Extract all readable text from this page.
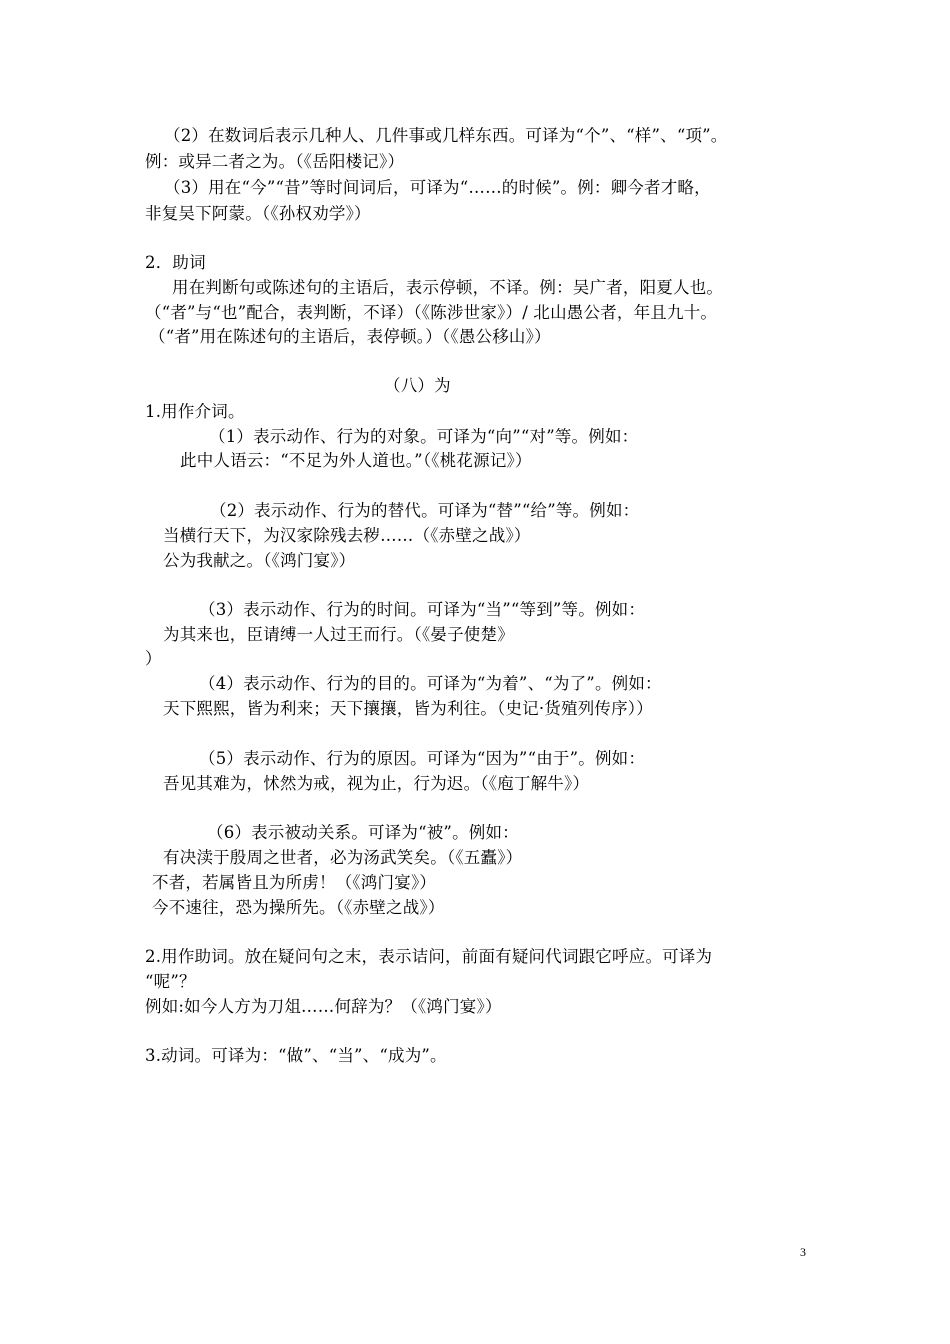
（2）在数词后表示几种人、几件事或几样东西。可译为“个”、“样”、“项”。
例：或异二者之为。（《岳阳楼记》）
（3）用在“今”“昔”等时间词后，可译为“……的时候”。例：卿今者才略，
非复吴下阿蒙。（《孙权劝学》）
2．助词
用在判断句或陈述句的主语后，表示停顿，不译。例：吴广者，阳夏人也。
（“者”与“也”配合，表判断，不译）（《陈涉世家》）/ 北山愚公者，年且九十。
（“者”用在陈述句的主语后，表停顿。）（《愚公移山》）
（八）为
1.用作介词。
（1）表示动作、行为的对象。可译为“向”“对”等。例如：
此中人语云：“不足为外人道也。”（《桃花源记》）
（2）表示动作、行为的替代。可译为“替”“给”等。例如：
当横行天下，为汉家除残去秽……（《赤壁之战》）
公为我献之。（《鸿门宴》）
（3）表示动作、行为的时间。可译为“当”“等到”等。例如：
为其来也，臣请缚一人过王而行。（《晏子使楚》
）
（4）表示动作、行为的目的。可译为“为着”、“为了”。例如：
天下熙熙，皆为利来；天下攘攘，皆为利往。（史记·货殖列传序））
（5）表示动作、行为的原因。可译为“因为”“由于”。例如：
吾见其难为，怵然为戒，视为止，行为迟。（《庖丁解牛》）
（6）表示被动关系。可译为“被”。例如：
有决渎于殷周之世者，必为汤武笑矣。（《五蠹》）
不者，若属皆且为所虏！（《鸿门宴》）
今不速往，恐为操所先。（《赤壁之战》）
2.用作助词。放在疑问句之末，表示诘问，前面有疑问代词跟它呼应。可译为
“呢”？
例如:如今人方为刀俎……何辞为？（《鸿门宴》）
3.动词。可译为：“做”、“当”、“成为”。
3
